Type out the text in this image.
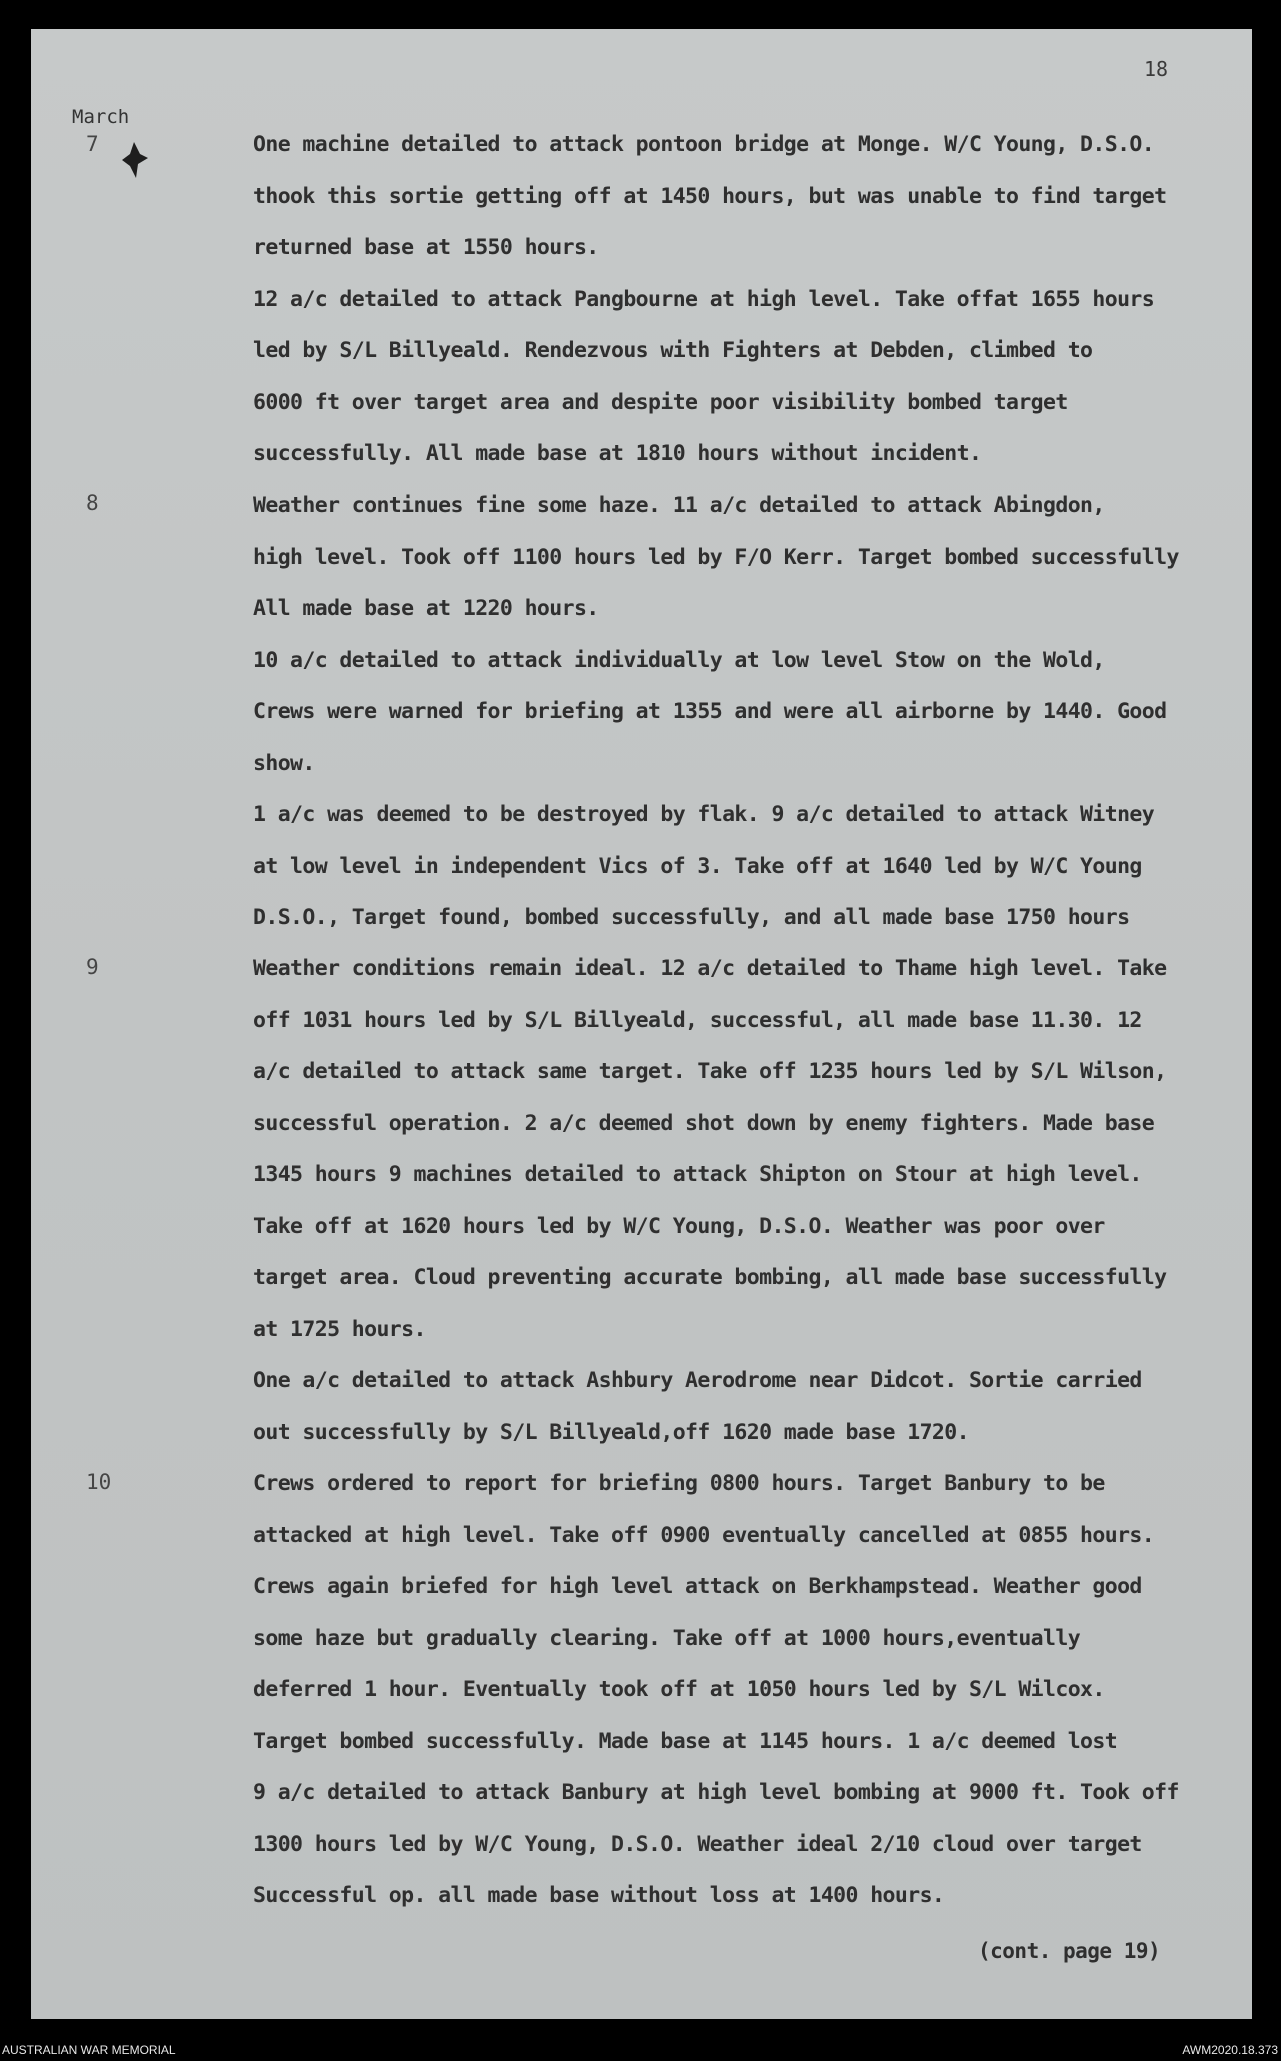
18
March
7	One machine detailed to attack pontoon bridge at Monge. W/C Young, D.S.O.
thook this sortie getting off at 1450 hours, but was unable to find target
returned base at 1550 hours.
12 a/c detailed to attack Pangbourne at high level. Take offat 1655 hours
led by S/L Billyeald. Rendezvous with Fighters at Debden, climbed to
6000 ft over target area and despite poor visibility bombed target
successfully. All made base at 1810 hours without incident.
8	Weather continues fine some haze. 11 a/c detailed to attack Abingdon,
high level. Took off 1100 hours led by F/O Kerr. Target bombed successfully
All made base at 1220 hours.
10 a/c detailed to attack individually at low level Stow on the Wold,
Crews were warned for briefing at 1355 and were all airborne by 1440. Good
show.
1 a/c was deemed to be destroyed by flak. 9 a/c detailed to attack Witney
at low level in independent Vics of 3. Take off at 1640 led by W/C Young
D.S.O., Target found, bombed successfully, and all made base 1750 hours
9	Weather conditions remain ideal. 12 a/c detailed to Thame high level. Take
off 1031 hours led by S/L Billyeald, successful, all made base 11.30. 12
a/c detailed to attack same target. Take off 1235 hours led by S/L Wilson,
successful operation. 2 a/c deemed shot down by enemy fighters. Made base
1345 hours 9 machines detailed to attack Shipton on Stour at high level.
Take off at 1620 hours led by W/C Young, D.S.O. Weather was poor over
target area. Cloud preventing accurate bombing, all made base successfully
at 1725 hours.
One a/c detailed to attack Ashbury Aerodrome near Didcot. Sortie carried
out successfully by S/L Billyeald,off 1620 made base 1720.
10	Crews ordered to report for briefing 0800 hours. Target Banbury to be
attacked at high level. Take off 0900 eventually cancelled at 0855 hours.
Crews again briefed for high level attack on Berkhampstead. Weather good
some haze but gradually clearing. Take off at 1000 hours,eventually
deferred 1 hour. Eventually took off at 1050 hours led by S/L Wilcox.
Target bombed successfully. Made base at 1145 hours. 1 a/c deemed lost
9 a/c detailed to attack Banbury at high level bombing at 9000 ft. Took off
1300 hours led by W/C Young, D.S.O. Weather ideal 2/10 cloud over target
Successful op. all made base without loss at 1400 hours.
(cont. page 19)
AUSTRALIAN WAR MEMORIAL	AWM2020.18.373
